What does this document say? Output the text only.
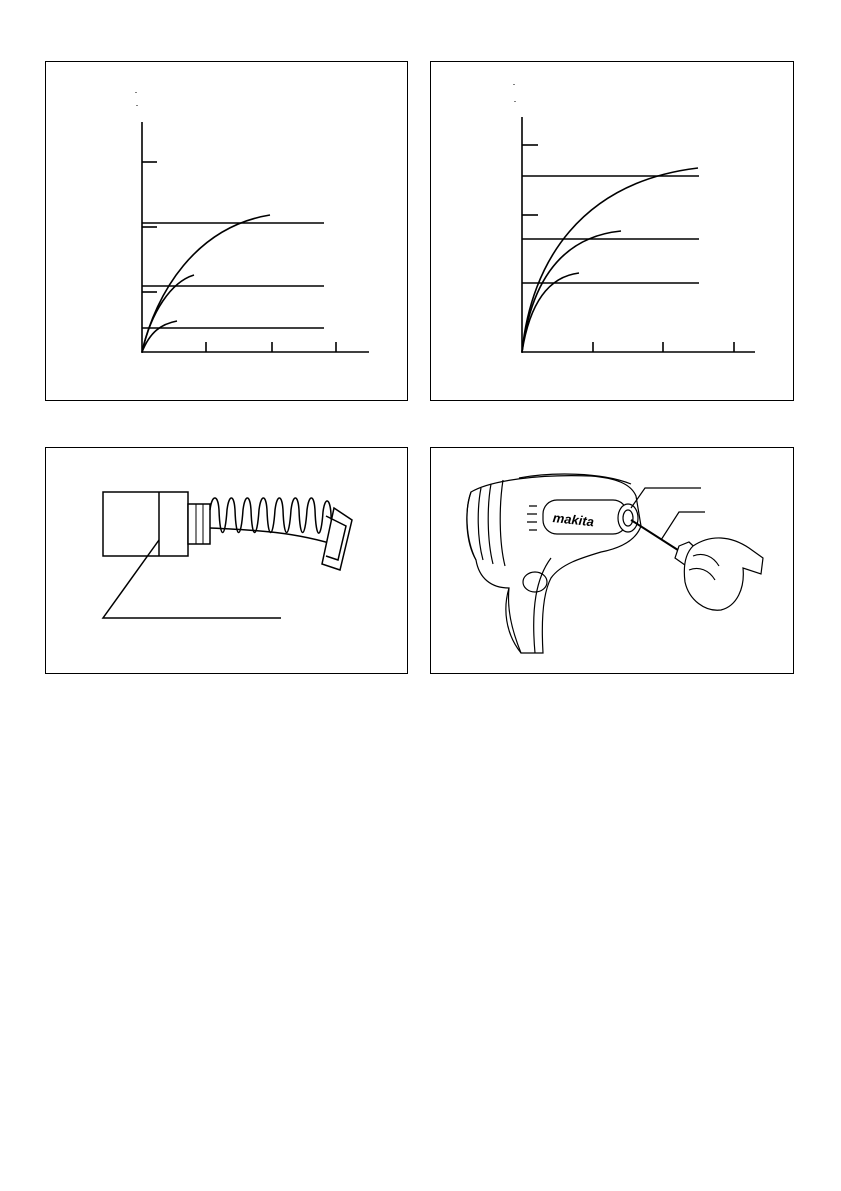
makita
